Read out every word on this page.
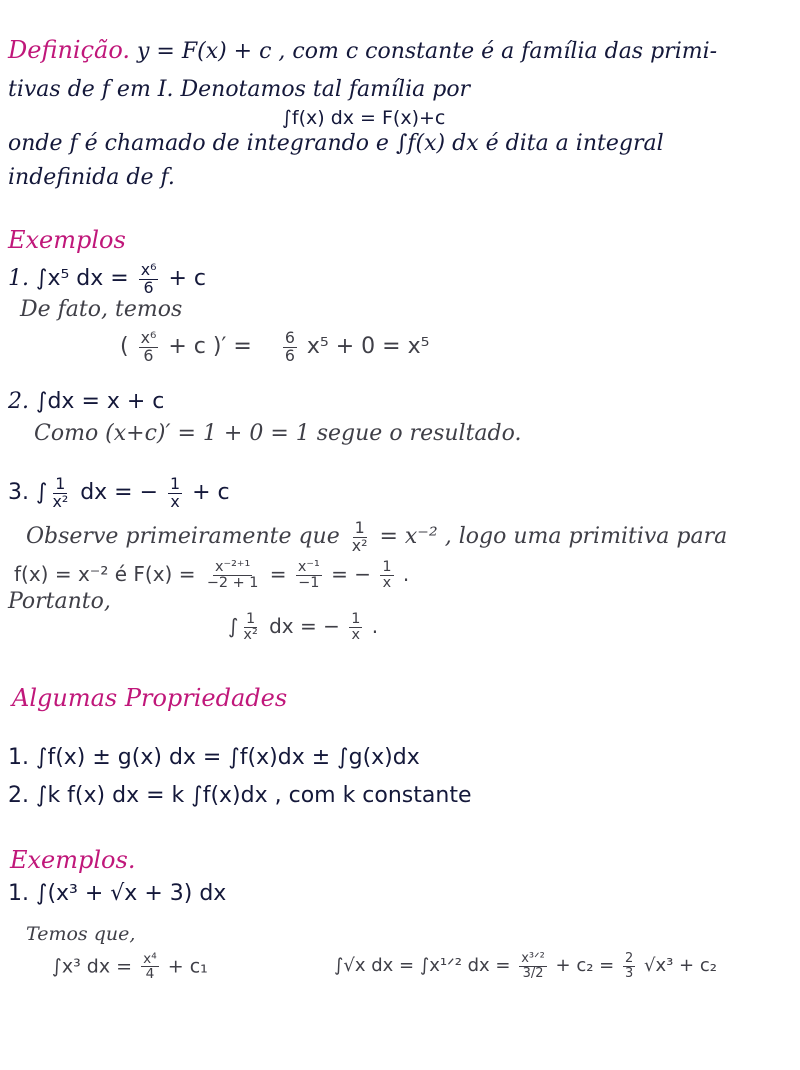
Definição. y = F(x) + c , com c constante é a família das primi-
tivas de f em I. Denotamos tal família por
∫f(x) dx = F(x)+c
onde f é chamado de integrando e ∫f(x) dx é dita a integral
indefinida de f.
Exemplos
1. ∫x⁵ dx = $\frac{\text{x⁶}}{6} + c$
De fato, temos
( $\frac{\text{x⁶}}{6} + c$ )′ = $\frac{6}{6} x^5 + 0 = x^5$
2. ∫dx = x + c
Como (x+c)′ = 1 + 0 = 1 segue o resultado.
3. ∫ $\frac{1}{\text{x²}}$ dx = − $\frac{1}{x} + c$
Observe primeiramente que $\frac{1}{\text{x²}} = x^{-2}$ , logo uma primitiva para
f(x) = x⁻² é $F(x) = \frac{\text{x⁻²⁺¹}}{-2 + 1} = \frac{\text{x⁻¹}}{-1}$ = − $\frac{1}{x}$ .
Portanto,
∫ $\frac{1}{\text{x²}}$ dx = − $\frac{1}{x}$ .
Algumas Propriedades
1. ∫f(x) ± g(x) dx = ∫f(x)dx ± ∫g(x)dx
2. ∫k f(x) dx = k ∫f(x)dx , com k constante
Exemplos.
1. ∫(x³ + √x + 3) dx
Temos que,
∫x³ dx = $\frac{\text{x⁴}}{4} + c_1$	∫√x dx = ∫x¹ᐟ² dx = $\frac{\text{x³ᐟ²}}{3/2} + c_2 = \frac{2}{3} √x^3 + c_2$
